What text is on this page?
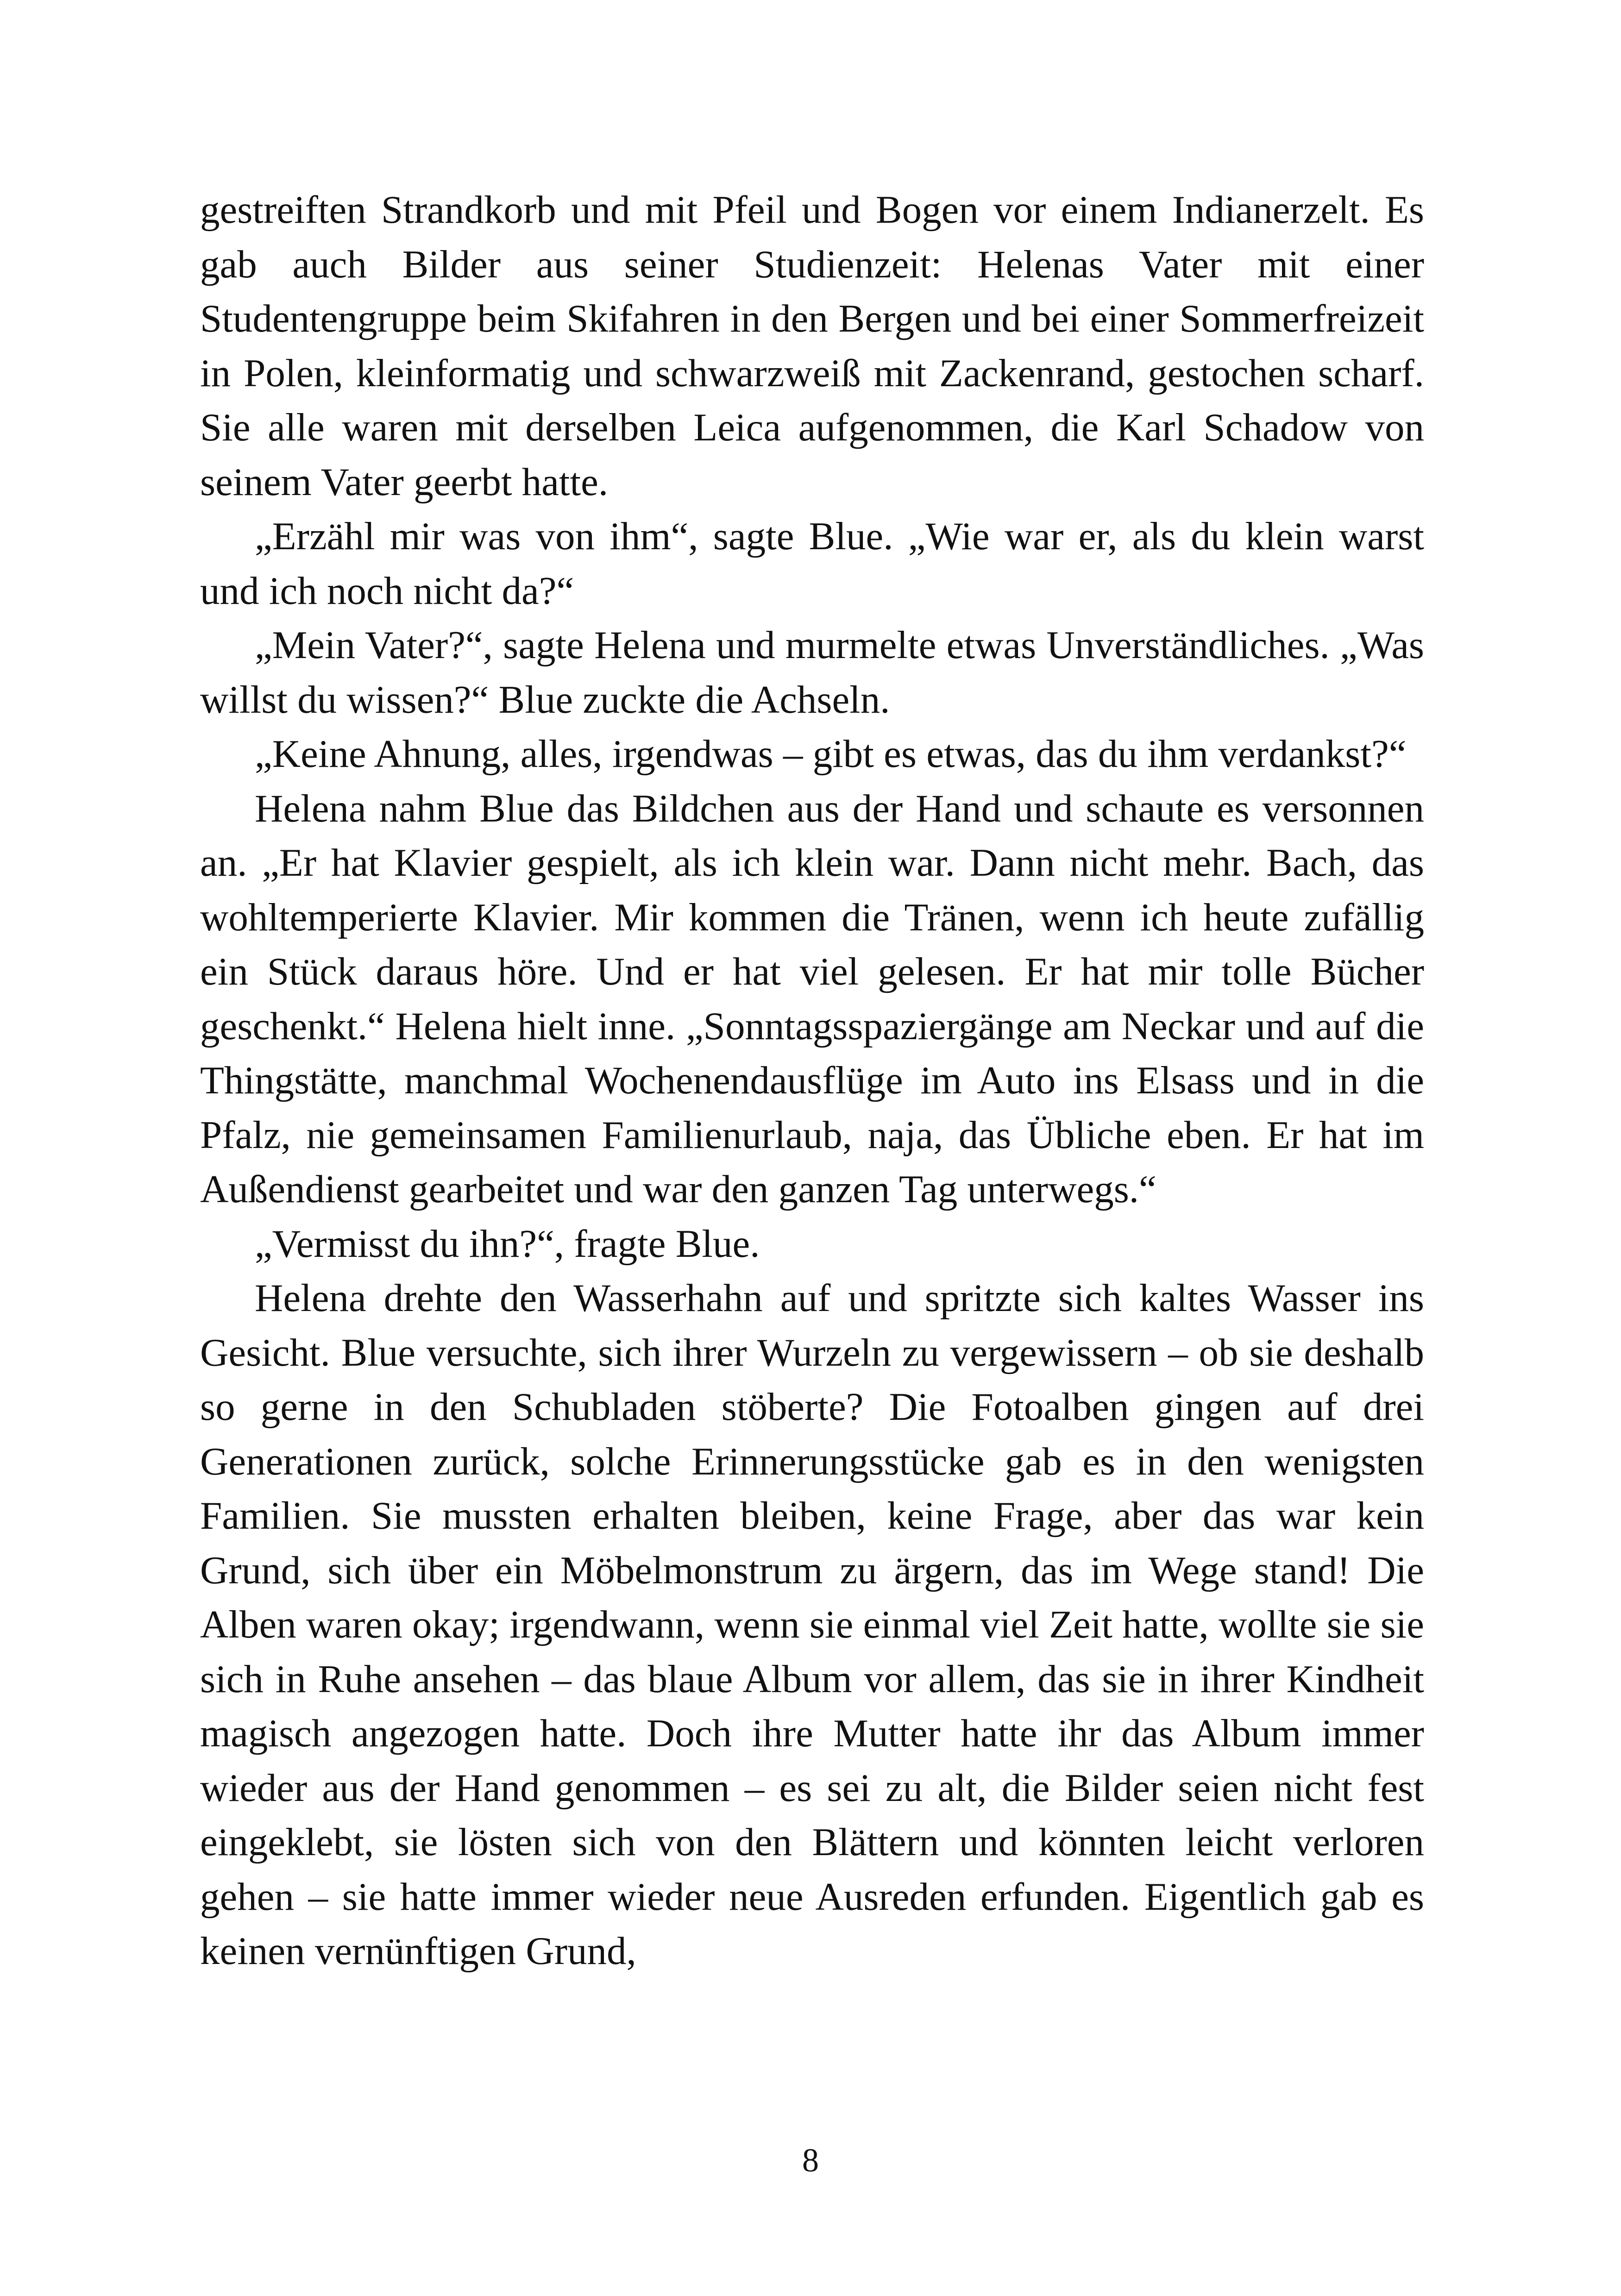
gestreiften Strandkorb und mit Pfeil und Bogen vor einem Indianerzelt. Es gab auch Bilder aus seiner Studienzeit: Helenas Vater mit einer Studentengruppe beim Skifahren in den Bergen und bei einer Sommerfreizeit in Polen, kleinformatig und schwarzweiß mit Zackenrand, gestochen scharf. Sie alle waren mit derselben Leica aufgenommen, die Karl Schadow von seinem Vater geerbt hatte.

„Erzähl mir was von ihm“, sagte Blue. „Wie war er, als du klein warst und ich noch nicht da?“

„Mein Vater?“, sagte Helena und murmelte etwas Unverständliches. „Was willst du wissen?“ Blue zuckte die Achseln.

„Keine Ahnung, alles, irgendwas – gibt es etwas, das du ihm verdankst?“

Helena nahm Blue das Bildchen aus der Hand und schaute es versonnen an. „Er hat Klavier gespielt, als ich klein war. Dann nicht mehr. Bach, das wohltemperierte Klavier. Mir kommen die Tränen, wenn ich heute zufällig ein Stück daraus höre. Und er hat viel gelesen. Er hat mir tolle Bücher geschenkt.“ Helena hielt inne. „Sonntagsspaziergänge am Neckar und auf die Thingstätte, manchmal Wochenendausflüge im Auto ins Elsass und in die Pfalz, nie gemeinsamen Familienurlaub, naja, das Übliche eben. Er hat im Außendienst gearbeitet und war den ganzen Tag unterwegs.“

„Vermisst du ihn?“, fragte Blue.

Helena drehte den Wasserhahn auf und spritzte sich kaltes Wasser ins Gesicht. Blue versuchte, sich ihrer Wurzeln zu vergewissern – ob sie deshalb so gerne in den Schubladen stöberte? Die Fotoalben gingen auf drei Generationen zurück, solche Erinnerungsstücke gab es in den wenigsten Familien. Sie mussten erhalten bleiben, keine Frage, aber das war kein Grund, sich über ein Möbelmonstrum zu ärgern, das im Wege stand! Die Alben waren okay; irgendwann, wenn sie einmal viel Zeit hatte, wollte sie sie sich in Ruhe ansehen – das blaue Album vor allem, das sie in ihrer Kindheit magisch angezogen hatte. Doch ihre Mutter hatte ihr das Album immer wieder aus der Hand genommen – es sei zu alt, die Bilder seien nicht fest eingeklebt, sie lösten sich von den Blättern und könnten leicht verloren gehen – sie hatte immer wieder neue Ausreden erfunden. Eigentlich gab es keinen vernünftigen Grund,

8
